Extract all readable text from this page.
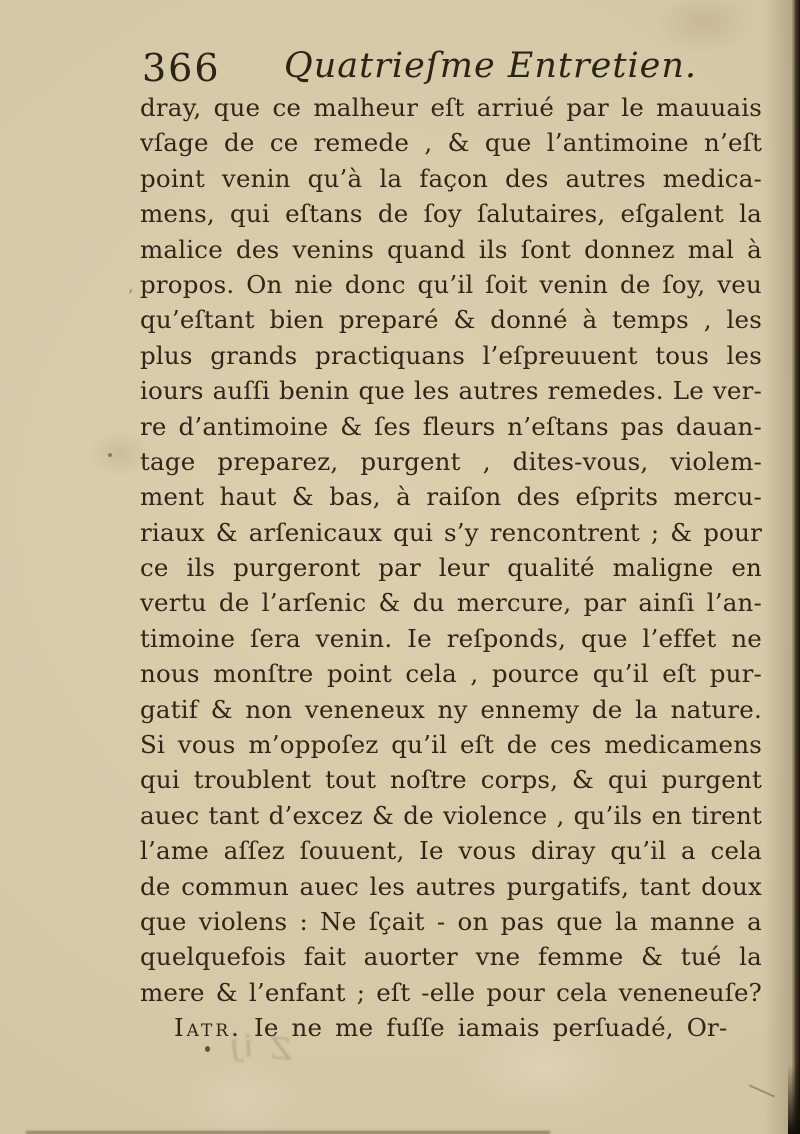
366 Quatrieſme Entretien.
dray, que ce malheur eſt arriué par le mauuais
vſage de ce remede , & que l’antimoine n’eſt
point venin qu’à la façon des autres medica-
mens, qui eſtans de ſoy ſalutaires, eſgalent la
malice des venins quand ils ſont donnez mal à
propos. On nie donc qu’il ſoit venin de ſoy, veu
qu’eſtant bien preparé & donné à temps , les
plus grands practiquans l’eſpreuuent tous les
iours auſſi benin que les autres remedes. Le ver-
re d’antimoine & ſes fleurs n’eſtans pas dauan-
tage preparez, purgent , dites-vous, violem-
ment haut & bas, à raiſon des eſprits mercu-
riaux & arſenicaux qui s’y rencontrent ; & pour
ce ils purgeront par leur qualité maligne en
vertu de l’arſenic & du mercure, par ainſi l’an-
timoine ſera venin. Ie reſponds, que l’effet ne
nous monſtre point cela , pource qu’il eſt pur-
gatif & non veneneux ny ennemy de la nature.
Si vous m’oppoſez qu’il eſt de ces medicamens
qui troublent tout noſtre corps, & qui purgent
auec tant d’excez & de violence , qu’ils en tirent
l’ame aſſez ſouuent, Ie vous diray qu’il a cela
de commun auec les autres purgatifs, tant doux
que violens : Ne ſçait - on pas que la manne a
quelquefois fait auorter vne femme & tué la
mere & l’enfant ; eſt -elle pour cela veneneuſe?
Iatr. Ie ne me fuſſe iamais perſuadé, Or-
Z ij
’
